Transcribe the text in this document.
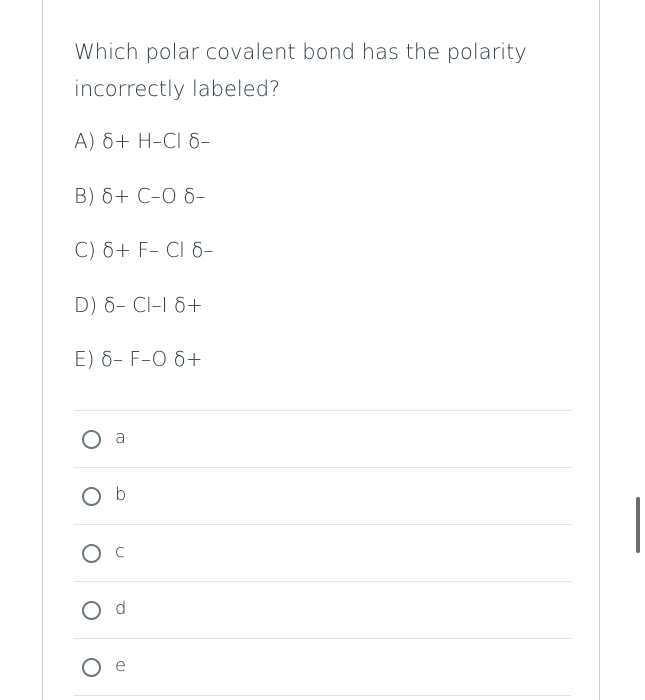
Which polar covalent bond has the polarity incorrectly labeled?
A) δ+ H–Cl δ–
B) δ+ C–O δ–
C) δ+ F– Cl δ–
D) δ– Cl–I δ+
E) δ– F–O δ+
a
b
c
d
e
